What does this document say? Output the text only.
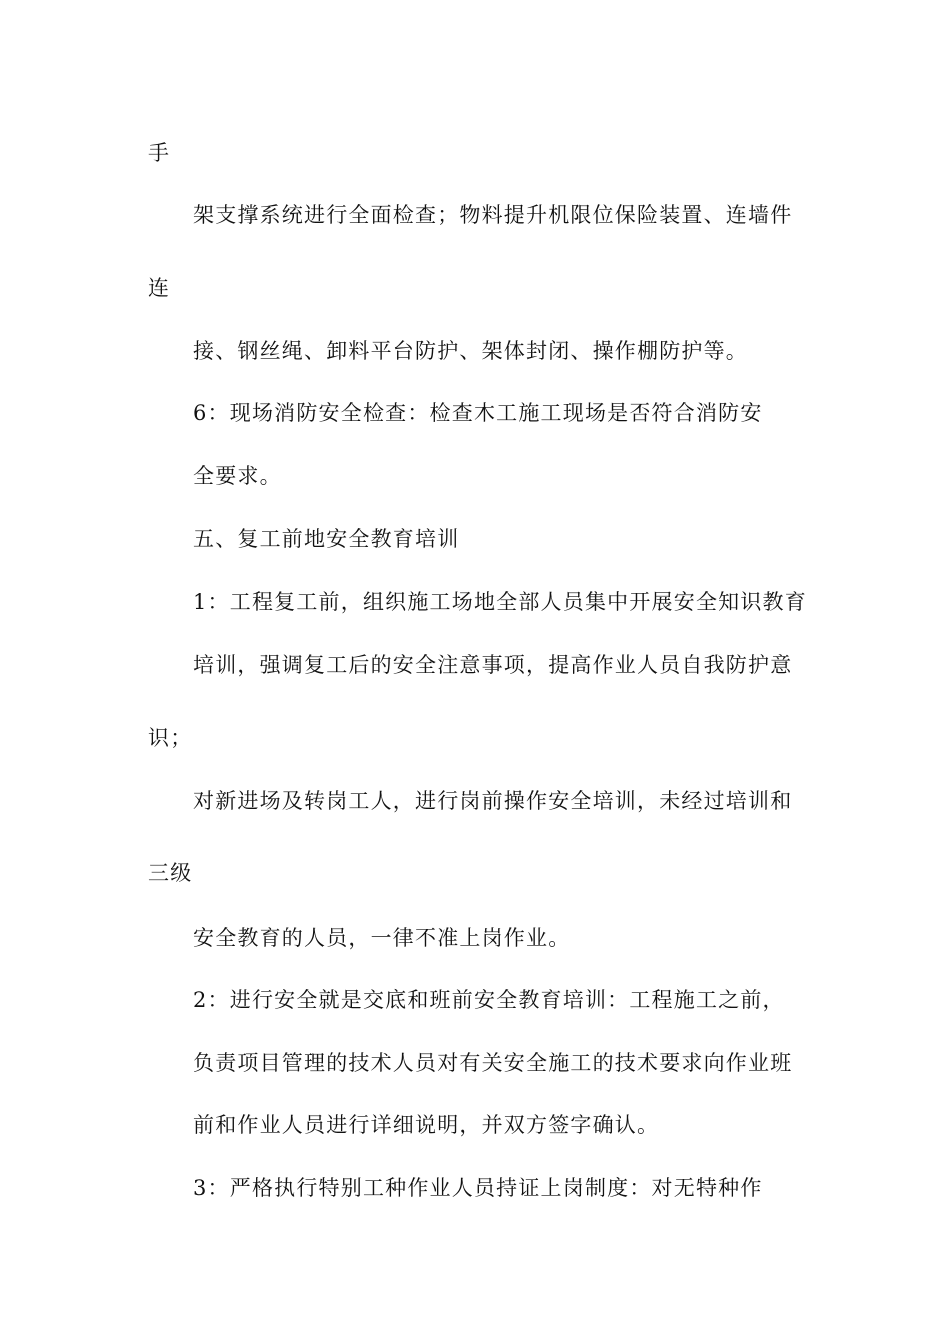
手
架支撑系统进行全面检查；物料提升机限位保险装置、连墙件
连
接、钢丝绳、卸料平台防护、架体封闭、操作棚防护等。
6：现场消防安全检查：检查木工施工现场是否符合消防安
全要求。
五、复工前地安全教育培训
1：工程复工前，组织施工场地全部人员集中开展安全知识教育
培训，强调复工后的安全注意事项，提高作业人员自我防护意
识；
对新进场及转岗工人，进行岗前操作安全培训，未经过培训和
三级
安全教育的人员，一律不准上岗作业。
2：进行安全就是交底和班前安全教育培训：工程施工之前，
负责项目管理的技术人员对有关安全施工的技术要求向作业班
前和作业人员进行详细说明，并双方签字确认。
3：严格执行特别工种作业人员持证上岗制度：对无特种作
